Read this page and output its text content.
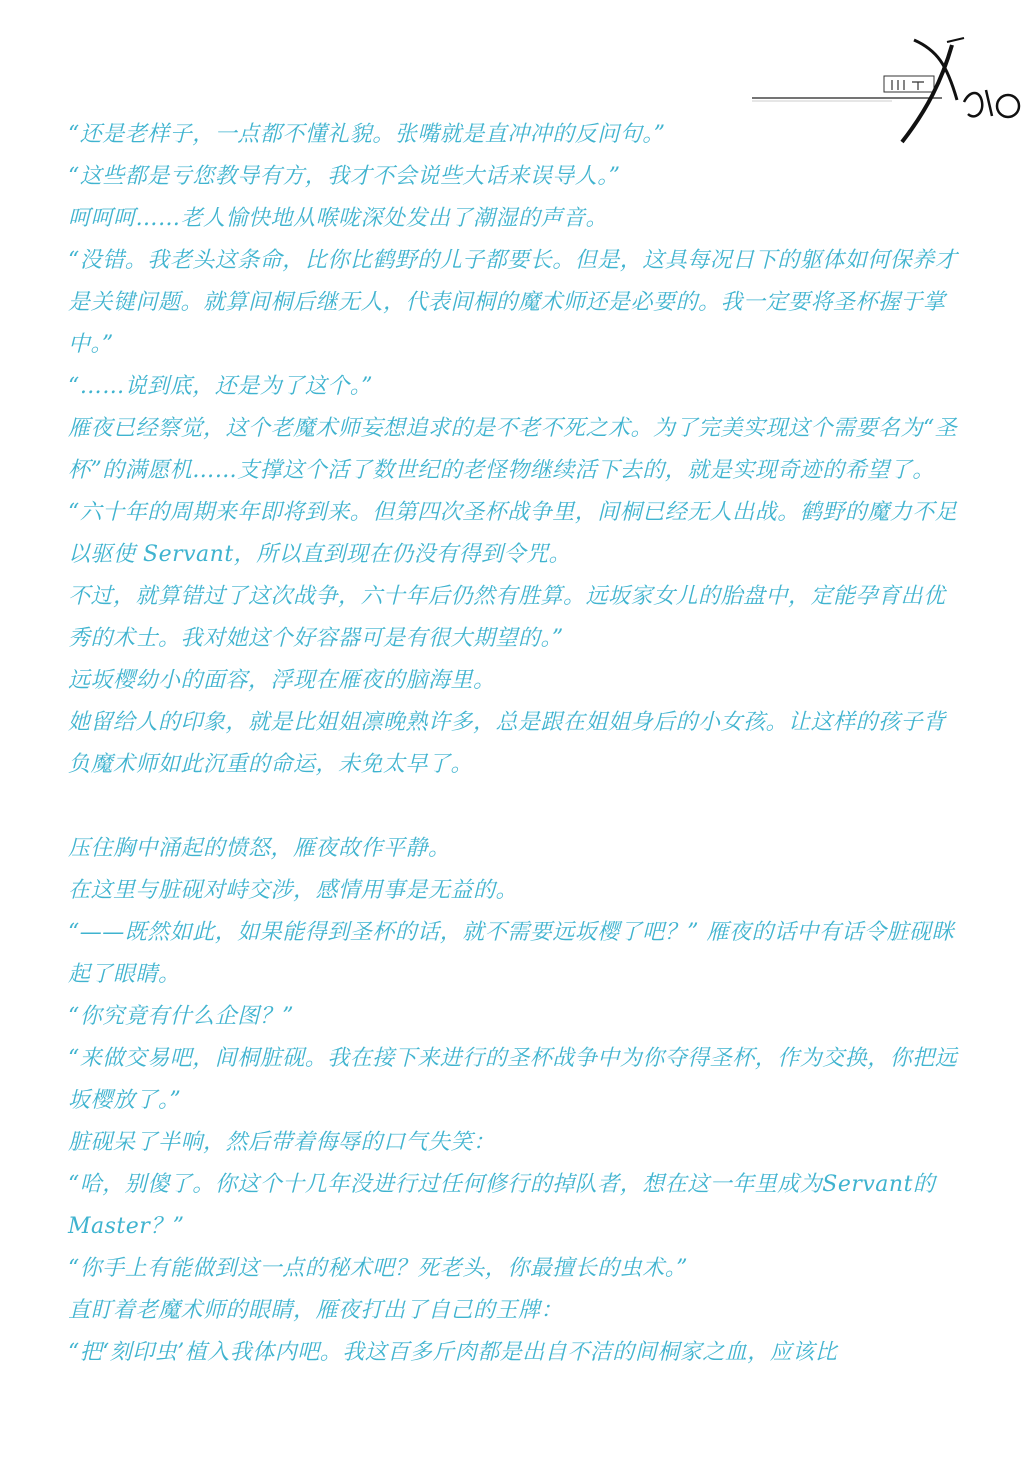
“还是老样子，一点都不懂礼貌。张嘴就是直冲冲的反问句。”

“这些都是亏您教导有方，我才不会说些大话来误导人。”

呵呵呵……老人愉快地从喉咙深处发出了潮湿的声音。

“没错。我老头这条命，比你比鹤野的儿子都要长。但是，这具每况日下的躯体如何保养才是关键问题。就算间桐后继无人，代表间桐的魔术师还是必要的。我一定要将圣杯握于掌中。”

“……说到底，还是为了这个。”

雁夜已经察觉，这个老魔术师妄想追求的是不老不死之术。为了完美实现这个需要名为“圣杯”的满愿机……支撑这个活了数世纪的老怪物继续活下去的，就是实现奇迹的希望了。

“六十年的周期来年即将到来。但第四次圣杯战争里，间桐已经无人出战。鹤野的魔力不足以驱使 Servant，所以直到现在仍没有得到令咒。

不过，就算错过了这次战争，六十年后仍然有胜算。远坂家女儿的胎盘中，定能孕育出优秀的术士。我对她这个好容器可是有很大期望的。”

远坂樱幼小的面容，浮现在雁夜的脑海里。

她留给人的印象，就是比姐姐凛晚熟许多，总是跟在姐姐身后的小女孩。让这样的孩子背负魔术师如此沉重的命运，未免太早了。

压住胸中涌起的愤怒，雁夜故作平静。

在这里与脏砚对峙交涉，感情用事是无益的。

“——既然如此，如果能得到圣杯的话，就不需要远坂樱了吧？” 雁夜的话中有话令脏砚眯起了眼睛。

“你究竟有什么企图？”

“来做交易吧，间桐脏砚。我在接下来进行的圣杯战争中为你夺得圣杯，作为交换，你把远坂樱放了。”

脏砚呆了半响，然后带着侮辱的口气失笑：

“哈，别傻了。你这个十几年没进行过任何修行的掉队者，想在这一年里成为Servant的 Master？”

“你手上有能做到这一点的秘术吧？死老头，你最擅长的虫术。”

直盯着老魔术师的眼睛，雁夜打出了自己的王牌：

“把‘刻印虫’植入我体内吧。我这百多斤肉都是出自不洁的间桐家之血，应该比
